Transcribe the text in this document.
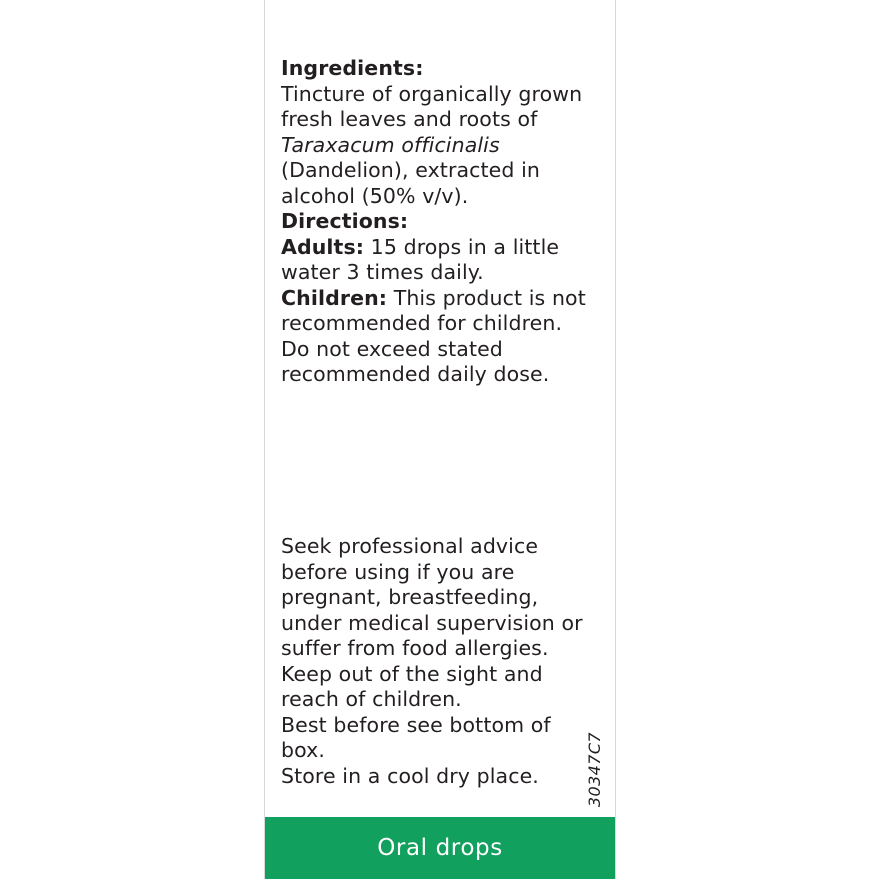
Ingredients:

Tincture of organically grown

fresh leaves and roots of

Taraxacum officinalis

(Dandelion), extracted in

alcohol (50% v/v).

Directions:

Adults: 15 drops in a little water 3 times daily.

Children: This product is not recommended for children.

Do not exceed stated recommended daily dose.

Seek professional advice before using if you are pregnant, breastfeeding, under medical supervision or suffer from food allergies.

Keep out of the sight and reach of children.

Best before see bottom of box.

Store in a cool dry place.	30347C7
Oral drops
